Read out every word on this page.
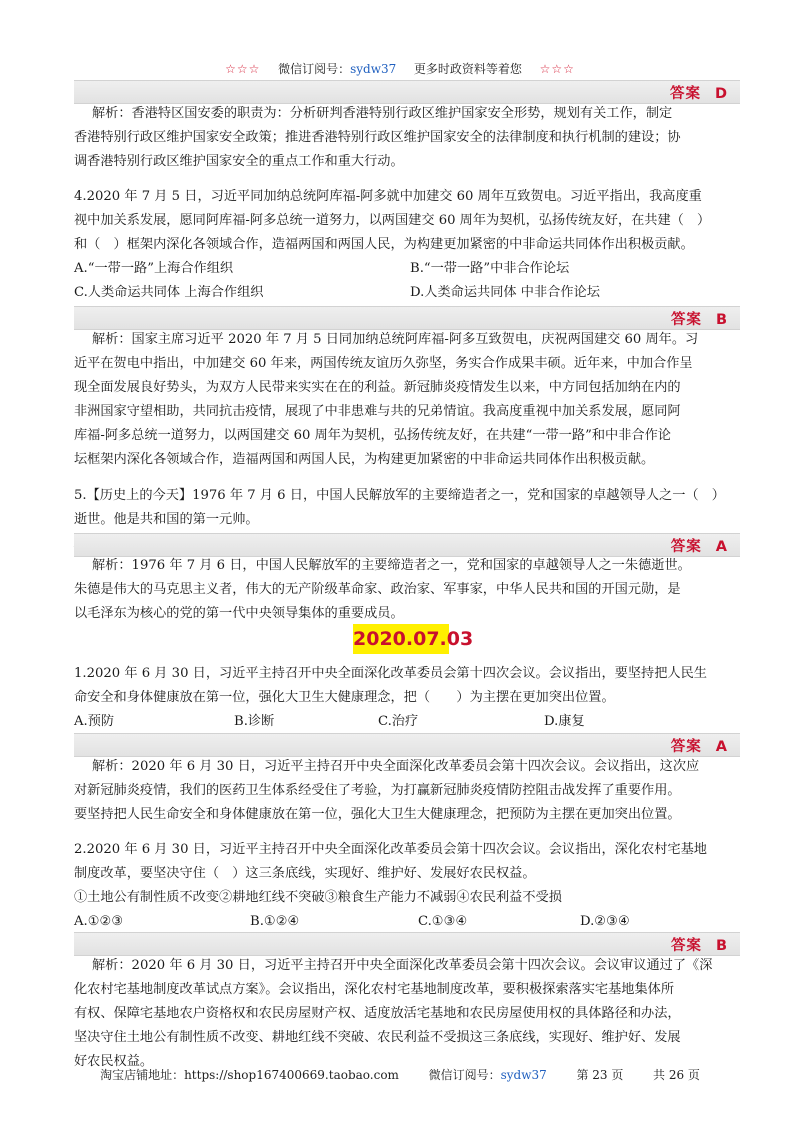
☆☆☆ 微信订阅号：sydw37 更多时政资料等着您 ☆☆☆
答案 D
解析：香港特区国安委的职责为：分析研判香港特别行政区维护国家安全形势，规划有关工作，制定
香港特别行政区维护国家安全政策；推进香港特别行政区维护国家安全的法律制度和执行机制的建设；协
调香港特别行政区维护国家安全的重点工作和重大行动。
4.2020 年 7 月 5 日，习近平同加纳总统阿库福-阿多就中加建交 60 周年互致贺电。习近平指出，我高度重
视中加关系发展，愿同阿库福-阿多总统一道努力，以两国建交 60 周年为契机，弘扬传统友好，在共建（　）
和（　）框架内深化各领域合作，造福两国和两国人民，为构建更加紧密的中非命运共同体作出积极贡献。
A.“一带一路”上海合作组织	B.“一带一路”中非合作论坛
C.人类命运共同体 上海合作组织	D.人类命运共同体 中非合作论坛
答案 B
解析：国家主席习近平 2020 年 7 月 5 日同加纳总统阿库福-阿多互致贺电，庆祝两国建交 60 周年。习
近平在贺电中指出，中加建交 60 年来，两国传统友谊历久弥坚，务实合作成果丰硕。近年来，中加合作呈
现全面发展良好势头，为双方人民带来实实在在的利益。新冠肺炎疫情发生以来，中方同包括加纳在内的
非洲国家守望相助，共同抗击疫情，展现了中非患难与共的兄弟情谊。我高度重视中加关系发展，愿同阿
库福-阿多总统一道努力，以两国建交 60 周年为契机，弘扬传统友好，在共建“一带一路”和中非合作论
坛框架内深化各领域合作，造福两国和两国人民，为构建更加紧密的中非命运共同体作出积极贡献。
5.【历史上的今天】1976 年 7 月 6 日，中国人民解放军的主要缔造者之一，党和国家的卓越领导人之一（　）
逝世。他是共和国的第一元帅。
答案 A
解析：1976 年 7 月 6 日，中国人民解放军的主要缔造者之一，党和国家的卓越领导人之一朱德逝世。
2020.07.03
1.2020 年 6 月 30 日，习近平主持召开中央全面深化改革委员会第十四次会议。会议指出，要坚持把人民生
命安全和身体健康放在第一位，强化大卫生大健康理念，把（　　）为主摆在更加突出位置。
A.预防	B.诊断	C.治疗	D.康复
答案 A
解析：2020 年 6 月 30 日，习近平主持召开中央全面深化改革委员会第十四次会议。会议指出，这次应
对新冠肺炎疫情，我们的医药卫生体系经受住了考验，为打赢新冠肺炎疫情防控阻击战发挥了重要作用。
要坚持把人民生命安全和身体健康放在第一位，强化大卫生大健康理念，把预防为主摆在更加突出位置。
2.2020 年 6 月 30 日，习近平主持召开中央全面深化改革委员会第十四次会议。会议指出，深化农村宅基地
制度改革，要坚决守住（　）这三条底线，实现好、维护好、发展好农民权益。
①土地公有制性质不改变②耕地红线不突破③粮食生产能力不减弱④农民利益不受损
A.①②③	B.①②④	C.①③④	D.②③④
答案 B
解析：2020 年 6 月 30 日，习近平主持召开中央全面深化改革委员会第十四次会议。会议审议通过了《深
化农村宅基地制度改革试点方案》。会议指出，深化农村宅基地制度改革，要积极探索落实宅基地集体所
有权、保障宅基地农户资格权和农民房屋财产权、适度放活宅基地和农民房屋使用权的具体路径和办法，
坚决守住土地公有制性质不改变、耕地红线不突破、农民利益不受损这三条底线，实现好、维护好、发展
淘宝店铺地址：https://shop167400669.taobao.com 微信订阅号：sydw37 第 23 页 共 26 页
朱德是伟大的马克思主义者，伟大的无产阶级革命家、政治家、军事家，中华人民共和国的开国元勋，是
以毛泽东为核心的党的第一代中央领导集体的重要成员。
好农民权益。
